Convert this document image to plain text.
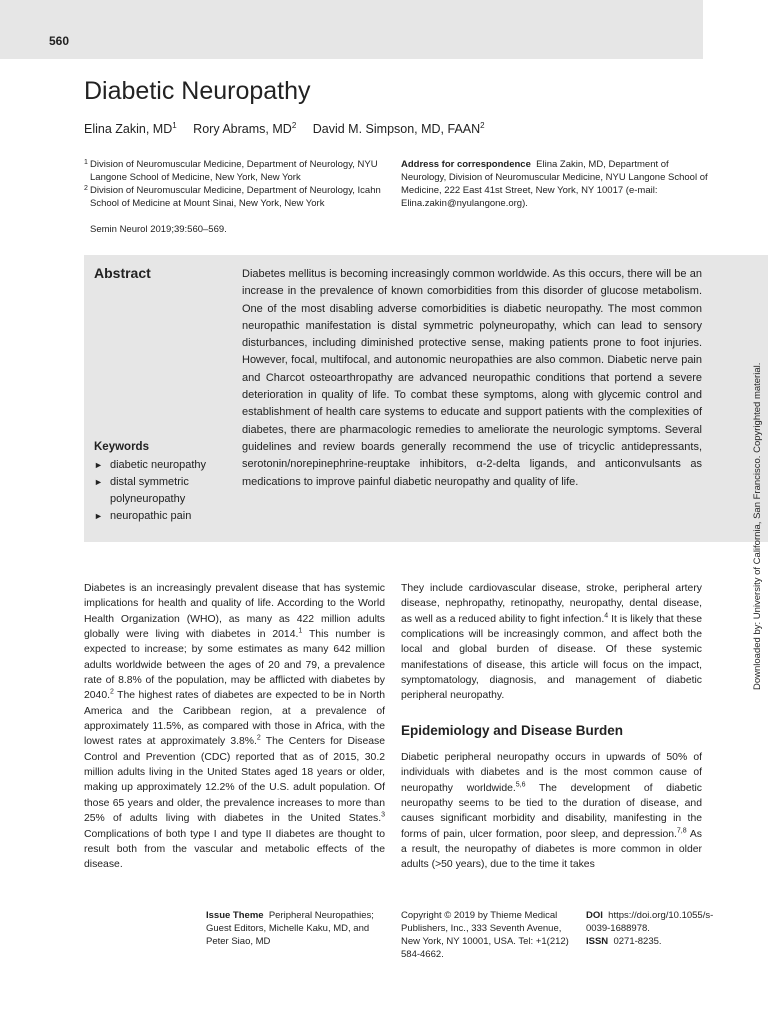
560
Diabetic Neuropathy
Elina Zakin, $MD^1$ Rory Abrams, $MD^2$ David M. Simpson, MD, FAAN$^2$
1 Division of Neuromuscular Medicine, Department of Neurology, NYU Langone School of Medicine, New York, New York
2 Division of Neuromuscular Medicine, Department of Neurology, Icahn School of Medicine at Mount Sinai, New York, New York
Address for correspondence Elina Zakin, MD, Department of Neurology, Division of Neuromuscular Medicine, NYU Langone School of Medicine, 222 East 41st Street, New York, NY 10017 (e-mail: Elina.zakin@nyulangone.org).
Semin Neurol 2019;39:560–569.
Abstract
Keywords
► diabetic neuropathy
► distal symmetric polyneuropathy
► neuropathic pain
Diabetes mellitus is becoming increasingly common worldwide. As this occurs, there will be an increase in the prevalence of known comorbidities from this disorder of glucose metabolism. One of the most disabling adverse comorbidities is diabetic neuropathy. The most common neuropathic manifestation is distal symmetric polyneuropathy, which can lead to sensory disturbances, including diminished protective sense, making patients prone to foot injuries. However, focal, multifocal, and autonomic neuropathies are also common. Diabetic nerve pain and Charcot osteoarthropathy are advanced neuropathic conditions that portend a severe deterioration in quality of life. To combat these symptoms, along with glycemic control and establishment of health care systems to educate and support patients with the complexities of diabetes, there are pharmacologic remedies to ameliorate the neurologic symptoms. Several guidelines and review boards generally recommend the use of tricyclic antidepressants, serotonin/norepinephrine-reuptake inhibitors, α-2-delta ligands, and anticonvulsants as medications to improve painful diabetic neuropathy and quality of life.
Diabetes is an increasingly prevalent disease that has systemic implications for health and quality of life. According to the World Health Organization (WHO), as many as 422 million adults globally were living with diabetes in 2014.$^1$ This number is expected to increase; by some estimates as many 642 million adults worldwide between the ages of 20 and 79, a prevalence rate of 8.8% of the population, may be afflicted with diabetes by 2040.$^2$ The highest rates of diabetes are expected to be in North America and the Caribbean region, at a prevalence of approximately 11.5%, as compared with those in Africa, with the lowest rates at approximately 3.8%.$^2$ The Centers for Disease Control and Prevention (CDC) reported that as of 2015, 30.2 million adults living in the United States aged 18 years or older, making up approximately 12.2% of the U.S. adult population. Of those 65 years and older, the prevalence increases to more than 25% of adults living with diabetes in the United States.$^3$ Complications of both type I and type II diabetes are thought to result both from the vascular and metabolic effects of the disease.
They include cardiovascular disease, stroke, peripheral artery disease, nephropathy, retinopathy, neuropathy, dental disease, as well as a reduced ability to fight infection.$^4$ It is likely that these complications will be increasingly common, and affect both the local and global burden of disease. Of these systemic manifestations of disease, this article will focus on the impact, symptomatology, diagnosis, and management of diabetic peripheral neuropathy.
Epidemiology and Disease Burden
Diabetic peripheral neuropathy occurs in upwards of 50% of individuals with diabetes and is the most common cause of neuropathy worldwide.$^{5,6}$ The development of diabetic neuropathy seems to be tied to the duration of disease, and causes significant morbidity and disability, manifesting in the forms of pain, ulcer formation, poor sleep, and depression.$^{7,8}$ As a result, the neuropathy of diabetes is more common in older adults (>50 years), due to the time it takes
Downloaded by: University of California, San Francisco. Copyrighted material.
Issue Theme Peripheral Neuropathies; Guest Editors, Michelle Kaku, MD, and Peter Siao, MD
Copyright © 2019 by Thieme Medical Publishers, Inc., 333 Seventh Avenue, New York, NY 10001, USA. Tel: +1(212) 584-4662.
DOI https://doi.org/10.1055/s-0039-1688978.
ISSN 0271-8235.
